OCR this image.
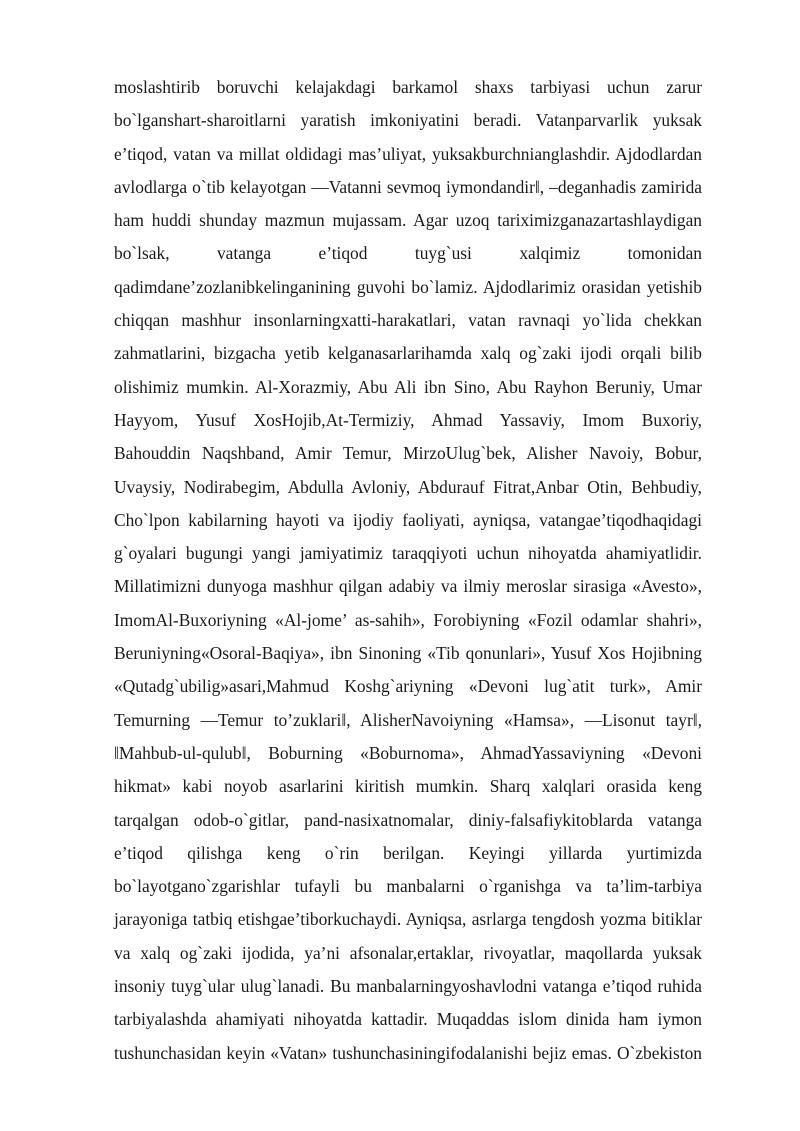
moslashtirib boruvchi kelajakdagi barkamol shaxs tarbiyasi uchun zarur
bo`lganshart-sharoitlarni yaratish imkoniyatini beradi. Vatanparvarlik yuksak
e’tiqod, vatan va millat oldidagi mas’uliyat, yuksakburchnianglashdir. Ajdodlardan
avlodlarga o`tib kelayotgan ―Vatanni sevmoq iymondandir‖, –deganhadis zamirida
ham huddi shunday mazmun mujassam. Agar uzoq tariximizganazartashlaydigan
bo`lsak, vatanga e’tiqod tuyg`usi xalqimiz tomonidan
qadimdane’zozlanibkelinganining guvohi bo`lamiz. Ajdodlarimiz orasidan yetishib
chiqqan mashhur insonlarningxatti-harakatlari, vatan ravnaqi yo`lida chekkan
zahmatlarini, bizgacha yetib kelganasarlarihamda xalq og`zaki ijodi orqali bilib
olishimiz mumkin. Al-Xorazmiy, Abu Ali ibn Sino, Abu Rayhon Beruniy, Umar
Hayyom, Yusuf XosHojib,At-Termiziy, Ahmad Yassaviy, Imom Buxoriy,
Bahouddin Naqshband, Amir Temur, MirzoUlug`bek, Alisher Navoiy, Bobur,
Uvaysiy, Nodirabegim, Abdulla Avloniy, Abdurauf Fitrat,Anbar Otin, Behbudiy,
Cho`lpon kabilarning hayoti va ijodiy faoliyati, ayniqsa, vatangae’tiqodhaqidagi
g`oyalari bugungi yangi jamiyatimiz taraqqiyoti uchun nihoyatda ahamiyatlidir.
Millatimizni dunyoga mashhur qilgan adabiy va ilmiy meroslar sirasiga «Avesto»,
ImomAl-Buxoriyning «Al-jome’ as-sahih», Forobiyning «Fozil odamlar shahri»,
Beruniyning«Osoral-Baqiya», ibn Sinoning «Tib qonunlari», Yusuf Xos Hojibning
«Qutadg`ubilig»asari,Mahmud Koshg`ariyning «Devoni lug`atit turk», Amir
Temurning ―Temur to’zuklari‖, AlisherNavoiyning «Hamsa», ―Lisonut tayr‖,
‖Mahbub-ul-qulub‖, Boburning «Boburnoma», AhmadYassaviyning «Devoni
hikmat» kabi noyob asarlarini kiritish mumkin. Sharq xalqlari orasida keng
tarqalgan odob-o`gitlar, pand-nasixatnomalar, diniy-falsafiykitoblarda vatanga
e’tiqod qilishga keng o`rin berilgan. Keyingi yillarda yurtimizda
bo`layotgano`zgarishlar tufayli bu manbalarni o`rganishga va ta’lim-tarbiya
jarayoniga tatbiq etishgae’tiborkuchaydi. Ayniqsa, asrlarga tengdosh yozma bitiklar
va xalq og`zaki ijodida, ya’ni afsonalar,ertaklar, rivoyatlar, maqollarda yuksak
insoniy tuyg`ular ulug`lanadi. Bu manbalarningyoshavlodni vatanga e’tiqod ruhida
tarbiyalashda ahamiyati nihoyatda kattadir. Muqaddas islom dinida ham iymon
tushunchasidan keyin «Vatan» tushunchasiningifodalanishi bejiz emas. O`zbekiston
